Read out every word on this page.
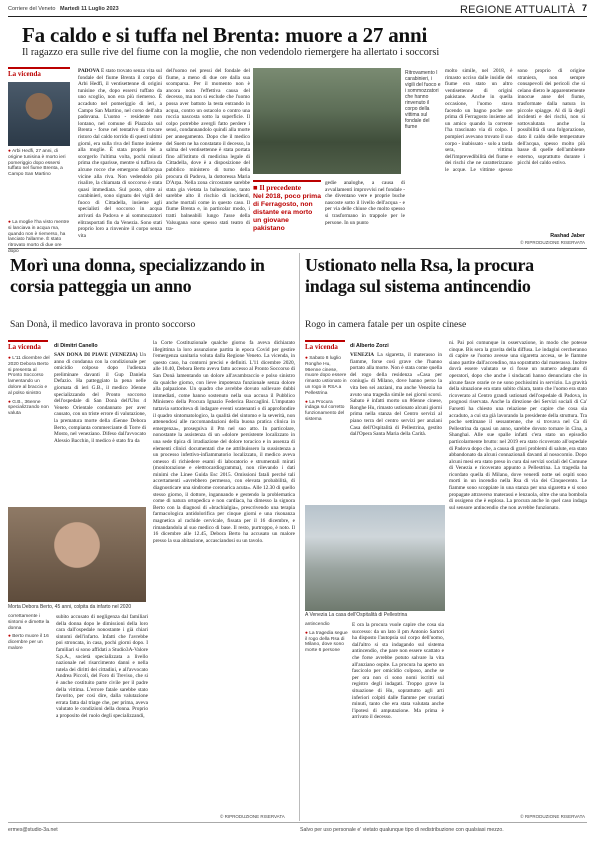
Corriere del Veneto Martedì 11 Luglio 2023	REGIONE ATTUALITÀ 7
Fa caldo e si tuffa nel Brenta: muore a 27 anni
Il ragazzo era sulle rive del fiume con la moglie, che non vedendolo riemergere ha allertato i soccorsi
La vicenda
● Arbi Hedfi, 27 anni, di origine tunisina è morto ieri pomeriggio dopo essersi tuffato nel fiume Brenta, a Campo San Martino
● La moglie l'ha visto mentre si lanciava in acqua ma, quando non è riemerso, ha lanciato l'allarme. È stato ritrovato morto di due ore dopo
PADOVA È stato trovato senza vita sul fondale del fiume Brenta il corpo di Arbi Hedfi, il ventisettenne di origini tunisine che, dopo essersi tuffato da uno scoglio, non era più riemerso. È accaduto nel pomeriggio di ieri, a Campo San Martino, nel corso dell'alta padovana. L'uomo - residente non lontano, nel comune di Piazzola sul Brenta - forse nel tentativo di trovare ristoro dal caldo torrido di questi ultimi giorni, era sulla riva del fiume insieme alla moglie. È stata proprio lei a scorgerlo l'ultima volta, pochi minuti prima che sparisse, mentre si tuffava da alcune rocce che emergono dall'acqua vicine alla riva. Non vedendolo più risalire, la chiamata di soccorso è stata quasi immediata. Sul posto, oltre ai carabinieri, sono signatu dei vigili del fuoco di Cittadella, insieme agli specialisti del soccorso in acqua arrivati da Padova e ai sommozzatori elitrasportati fin da Venezia. Sono stati proprio loro a rinvenire il corpo senza vita
dell'uomo nei pressi del fondale del fiume, a meno di due ore dalla sua scomparsa. Per il momento non è ancora nota l'effettiva causa del decesso, ma non si esclude che l'uomo possa aver battuto la testa entrando in acqua, contro un ostacolo o contro una roccia nascosta sotto la superficie. Il colpo potrebbe avergli fatto perdere i sensi, condannandolo quindi alla morte per annegamento. Dopo che il medico del Suem ne ha constatato il decesso, la salma del ventisettenne è stata portata fino all'istituto di medicina legale di Cittadella, dove è a disposizione del pubblico ministero di turno della procura di Padova, la dottoressa Maria D'Arpa. Nella zona circostante sarebbe stata gia vietata la balneazione, tanto sarebbe alto il rischio di incidenti, anche mortali come in questo caso. Il fiume Brenta e, in particolar modo, i tratti balneabili lungo l'asse della Valsugana sono spesso stati teatro di tra-
Ritrovamento I carabinieri, i vigili del fuoco e i sommozzatori che hanno rinvenuto il corpo della vittima sul fondale del fiume
■ Il precedente
Nel 2018, poco prima di Ferragosto, non distante era morto un giovane pakistano
gedie analoghe, a causa di avvallamenti improvvisi nel fondale - che diventano vere e proprie buche nascoste sotto il livello dell'acqua - e per via delle chiuse che molto spesso si trasformano in trappole per le persone. In un punto
molto simile, nel 2018, è rimasto ucciso dalle insidie del fiume era stato un altro ventisettenne di origini pakistane. Anche in quella occasione, l'uomo stava facendo un bagno poche ore prima di Ferragosto insieme ad un amico quando la corrente l'ha trascinato via di colpo. I pompieri avevano trovato il suo corpo - inabissato - solo a tarda sera, vittima dell'imprevedibilità del fiume e dei rischi che ne caratterizzano le acque. Le vittime spesso sono proprio di origine straniera, non sempre consapevoli dei pericoli che si celano dietro le apparentemente innocue anse del fiume, trasformate dalla natura in piccole spiagge. Al di là degli incidenti e dei rischi, non si sottovalutata anche la possibilità di una folgorazione, dato il caldo delle temperature dell'acqua, spesso molto più basse di quelle dell'ambiente esterno, soprattutto durante i picchi del caldo estivo.
Rashad Jaber
© RIPRODUZIONE RISERVATA
Morì una donna, specializzando in corsia patteggia un anno
San Donà, il medico lavorava in pronto soccorso
La vicenda
● L'11 dicembre del 2020 Debora Berto si presenta al Pronto Soccorso lamentando un dolore al braccio e al polso sinistro
● G.B., 36enne specializzando non valuta
di Dimitri Canello
SAN DONÀ DI PIAVE (VENEZIA) Un anno di condanna con la condizionale per omicidio colposo dopo l'udienza preliminare davanti il Gup Daniela Defazio. Ha patteggiato la pena nelle giornata di ieri G.B., il medico 36enne specializzando del Pronto soccorso dell'ospedale di San Donà dell'Ulss 4 Veneto Orientale condannato per aver causato, con un triste errore di valutazione, la prematura morte della 45enne Debora Berto, compianta commerciante di Torre di Mosto, nel veneziano. Difeso dall'avvocato Alessio Bacchin, il medico è stato fra da
Morta Debora Berto, 45 anni, colpita da infarto nel 2020
correttamente i sintomi e dimette la donna
● Berto muore il 16 dicembre per un malore
subito accusato di negligenza dal familiari della donna dopo le dimissioni della loro cara dall'ospedale nonostante i già chiari sintomi dell'infarto. Infatti che l'avrebbe poi stroncata, in casa, pochi giorni dopo. I familiari si sono affidati a Studio3A-Valore S.p.A., società specializzata a livello nazionale nel risarcimento danni e nella tutela dei diritti dei cittadini, e all'avvocato Andrea Piccoli, del Foro di Treviso, che si è anche costituito parte civile per il padre della vittima. L'errore fatale sarebbe stato favorito, per così dire, dalla valutazione errata fatta dal triage che, per prima, aveva valutato le condizioni della donna. Proprio a proposito del ruolo degli specializzandi,
la Corte Costituzionale qualche giorno fa aveva dichiarato illegittima la loro assunzione partita in epoca Covid per gestire l'emergenza sanitaria voluta dalla Regione Veneto. La vicenda, in questo caso, ha contorni precisi e definiti. L'11 dicembre 2020, alle 10.40, Debora Berto aveva fatto accesso al Pronto Soccorso di San Donà lamentando un dolore all'avambraccio e polso sinistro da qualche giorno, con lieve impotenza funzionale senza dolore alla palpazione. Un quadro che avrebbe dovuto sollevare dubbi immediati, come hanno sostenuto nella sua accusa il Pubblico Ministero della Procura Ignazio Federica Baccaglini. L'imputato tuttavia sottoriteva di indagare eventi scatenanti o di approfondire il quadro sintomatologico, la qualità del sintomo e la severità, non attenendosi alle raccomandazioni della buona pratica clinica in emergenza», proseguiva il Pm nel suo atto. In particolare, nonostante la assistenza di un «dolore persistente localizzato in una sede tipica di irradiazione del dolore toracico e in assenza di elementi clinici documentati che ne attribuissero la sussistenza a un processo infettivo-infiammatorio localizzato, il medico aveva omesso di richiedere esami di laboratorio e strumentali mirati (monitorazione e elettrocardiogramma), non rilevando i dati minimi che Linee Guida Esc 2015. Omissioni fatali perché tali accertamenti «avrebbero permesso, con elevata probabilità, di diagnosticare una sindrome coronarica acuta». Alle 12.30 di quello stesso giorno, il dottore, ingannando e gestendo la problematica come di natura ortopedica e non cardiaca, ha dimesso la signora Berto con la diagnosi di «brachialgia», prescrivendo una terapia farmacologica antidolorifica per cinque giorni e una risonanza magnetica al rachide cervicale, fissata per il 16 dicembre, e rimandandola al suo medico di base. Il resto, purtroppo, è noto. Il 16 dicembre alle 12.45, Debora Berto ha accusato un malore presso la sua abitazione, accasciandosi su un tavolo.
© RIPRODUZIONE RISERVATA
Ustionato nella Rsa, la procura indaga sul sistema antincendio
Rogo in camera fatale per un ospite cinese
La vicenda
● Sabato 8 luglio Ronghe Hu, 96enne cinese, muore dopo essere rimasto ustionato in un rogo in RSA a Pellestrina
● La Procura indaga sul corretto funzionamento del sistema
di Alberto Zorzi
VENEZIA La sigaretta, il materasso in fiamme, forse così grave che l'hanno portato alla morte. Non è stata come quella del rogo della residenza «Casa per coniugi» di Milano, dove hanno perso la vita ben sei anziani, ma anche Venezia ha avuto una tragedia simile nei giorni scorsi. Sabato è infatti morto un 86enne cinese, Ronghe Hu, rimasto ustionato alcuni giorni prima nella stanza del Centro servizi al piano terra del centro servizi per anziani Casa dell'Ospitalità di Pellestrina, gestito dall'Opera Santa Maria della Carità.
A Venezia La casa dell'Ospitalità di Pellestrina
antincendio
● La tragedia segue il rogo della Rsa di Milano, dove sono morte 6 persone
E ora la procura vuole capire che cosa sia successo: da un lato il pm Antonio Sartori ha disposto l'autopsia sul corpo dell'uomo, dall'altro si sta indagando sul sistema antincendio, che pare non essere scattato e che forse avrebbe potuto salvare la vita all'anziano ospite. La procura ha aperto un fascicolo per omicidio colposo, anche se per ora non ci sono nomi iscritti sul registro degli indagati. Troppo grave la situazione di Hu, soprattutto agli arti inferiori colpiti dalle fiamme per svariati minuti, tanto che era stata valutata anche l'ipotesi di amputazione. Ma prima è arrivato il decesso.
ni. Pai poi comunque in osservazione, in modo che potesse cinque. Bis sera la gravita della diffusa. Le indagini cercheranno di capire se l'uomo avesse una sigaretta accesa, se le fiamme siano partite dall'accendino, ma soprattutto dal materasso. Inoltre dovrà essere valutato se ci fosse un numero adeguato di operatori, dopo che anche i sindacati hanno denunciato che in alcune fasce orarie ce ne sono pochissimi in servizio. La gravità della situazione era stato subito chiara, tanto che l'uomo era stato ricoverato al Centro grandi ustionati dell'ospedale di Padova, in prognosi riservata. Anche la direzione dei Servizi sociali di Ca' Farsetti ha chiesto una relazione per capire che cosa sia accaduto, a cui sta già lavorando la presidente della struttura. Tra poche settimane il sessantenne, che si trovava nel Ca di Pellestrina da quasi un anno, sarebbe dovuto tornare in Cina, a Shanghai. Alle sue spalle infatti c'era stato un episodio particolarmente brutto: nel 2019 era stato ricoverato all'ospedale di Padova dopo che, a causa di gravi problemi di salute, era stato abbandonato da alcuni connazionali davanti al nosocomio. Dopo alcuni mesi era stato preso in cura dai servizi sociali del Comune di Venezia e ricoverato appunto a Pellestrina. La tragedia ha ricordato quella di Milano, dove venerdì notte sei ospiti sono morti in un incendio nella Rsa di via dei Cinquecento. Le fiamme sono scoppiate in una stanza per una sigaretta e si sono propagate attraverso materassi e lenzuola, oltre che una bombola di ossigeno che è esplosa. La procura anche in quel caso indaga sul sensore antincendio che non avrebbe funzionato.
© RIPRODUZIONE RISERVATA
ermes@studio-3a.net	Salvo per uso personale e' vietato qualunque tipo di redistribuzione con qualsiasi mezzo.
